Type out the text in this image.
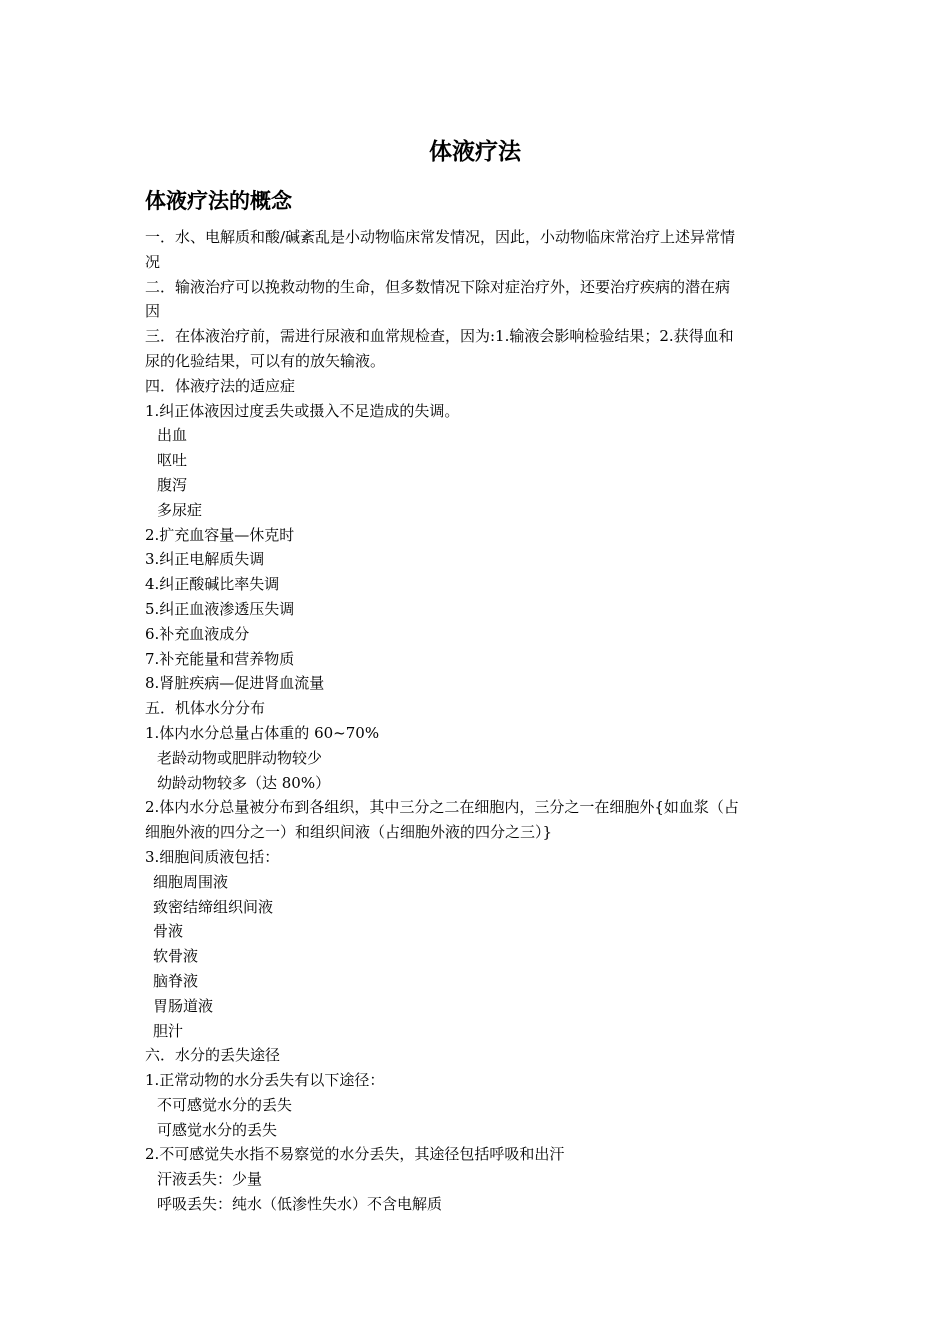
体液疗法
体液疗法的概念
一．水、电解质和酸/碱紊乱是小动物临床常发情况，因此，小动物临床常治疗上述异常情
况
二．输液治疗可以挽救动物的生命，但多数情况下除对症治疗外，还要治疗疾病的潜在病
因
三．在体液治疗前，需进行尿液和血常规检查，因为:1.输液会影响检验结果；2.获得血和
尿的化验结果，可以有的放矢输液。
四．体液疗法的适应症
1.纠正体液因过度丢失或摄入不足造成的失调。
出血
呕吐
腹泻
多尿症
2.扩充血容量—休克时
3.纠正电解质失调
4.纠正酸碱比率失调
5.纠正血液渗透压失调
6.补充血液成分
7.补充能量和营养物质
8.肾脏疾病—促进肾血流量
五．机体水分分布
1.体内水分总量占体重的 60~70%
老龄动物或肥胖动物较少
幼龄动物较多（达 80%）
2.体内水分总量被分布到各组织，其中三分之二在细胞内，三分之一在细胞外{如血浆（占
细胞外液的四分之一）和组织间液（占细胞外液的四分之三）}
3.细胞间质液包括：
细胞周围液
致密结缔组织间液
骨液
软骨液
脑脊液
胃肠道液
胆汁
六．水分的丢失途径
1.正常动物的水分丢失有以下途径：
不可感觉水分的丢失
可感觉水分的丢失
2.不可感觉失水指不易察觉的水分丢失，其途径包括呼吸和出汗
汗液丢失：少量
呼吸丢失：纯水（低渗性失水）不含电解质
